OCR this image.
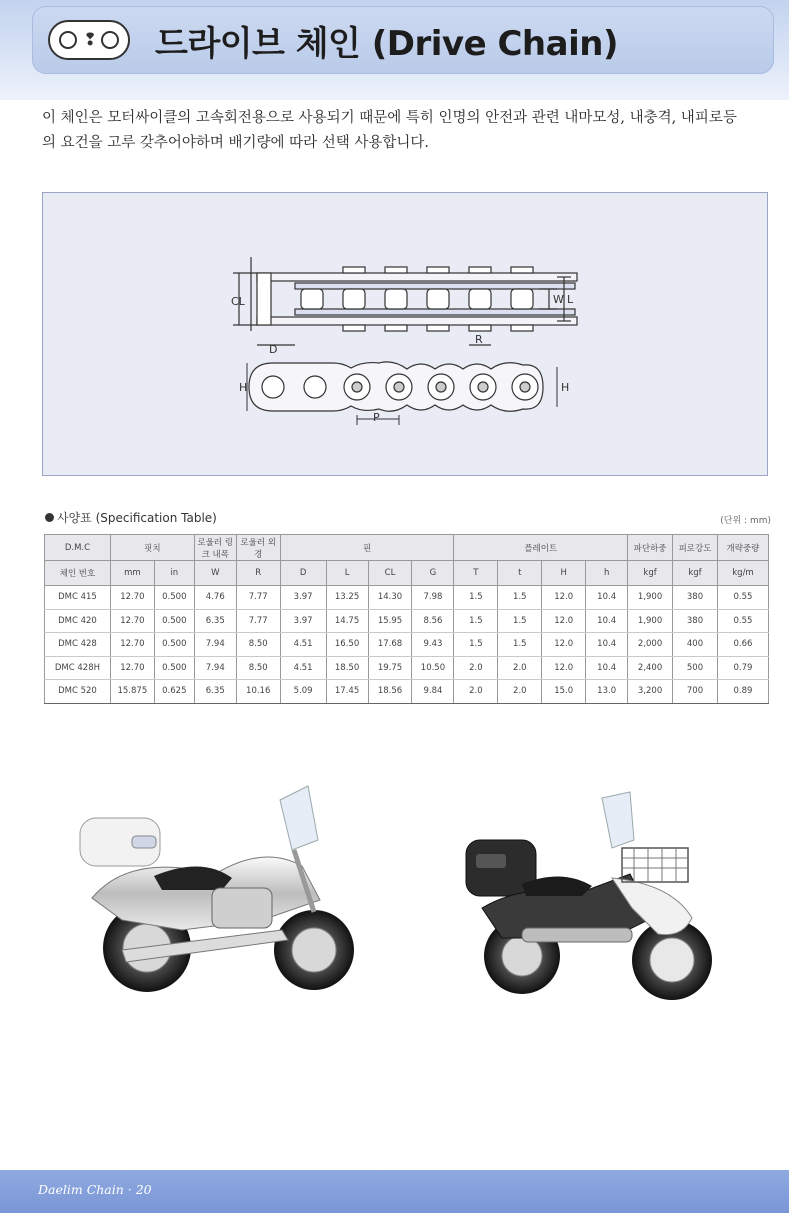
❢ 드라이브 체인 (Drive Chain)
이 체인은 모터싸이클의 고속회전용으로 사용되기 때문에 특히 인명의 안전과 관련 내마모성, 내충격, 내피로등의 요건을 고루 갖추어야하며 배기량에 따라 선택 사용합니다.
CL
D
R
W L
H	H
P
사양표 (Specification Table)	(단위 : mm)
D.M.C	핏치		로울러 링크 내폭	로울러 외경	핀				플레이트				파단하중	피로강도	개략중량
체인 번호	mm	in	W	R	D	L	CL	G	T	t	H	h	kgf	kgf	kg/m
DMC 415	12.70	0.500	4.76	7.77	3.97	13.25	14.30	7.98	1.5	1.5	12.0	10.4	1,900	380	0.55
DMC 420	12.70	0.500	6.35	7.77	3.97	14.75	15.95	8.56	1.5	1.5	12.0	10.4	1,900	380	0.55
DMC 428	12.70	0.500	7.94	8.50	4.51	16.50	17.68	9.43	1.5	1.5	12.0	10.4	2,000	400	0.66
DMC 428H	12.70	0.500	7.94	8.50	4.51	18.50	19.75	10.50	2.0	2.0	12.0	10.4	2,400	500	0.79
DMC 520	15.875	0.625	6.35	10.16	5.09	17.45	18.56	9.84	2.0	2.0	15.0	13.0	3,200	700	0.89
Daelim Chain · 20
